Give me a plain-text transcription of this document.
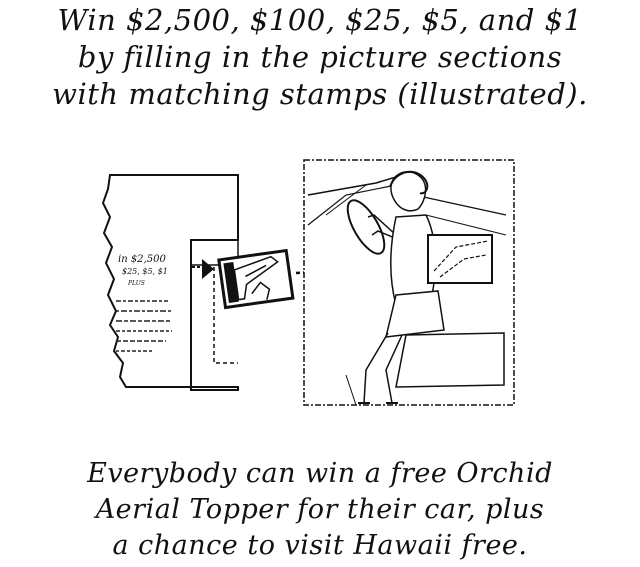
Win $2,500, $100, $25, $5, and $1
by filling in the picture sections
with matching stamps (illustrated).
in $2,500
$25, $5, $1
PLUS
Everybody can win a free Orchid
Aerial Topper for their car, plus
a chance to visit Hawaii free.
